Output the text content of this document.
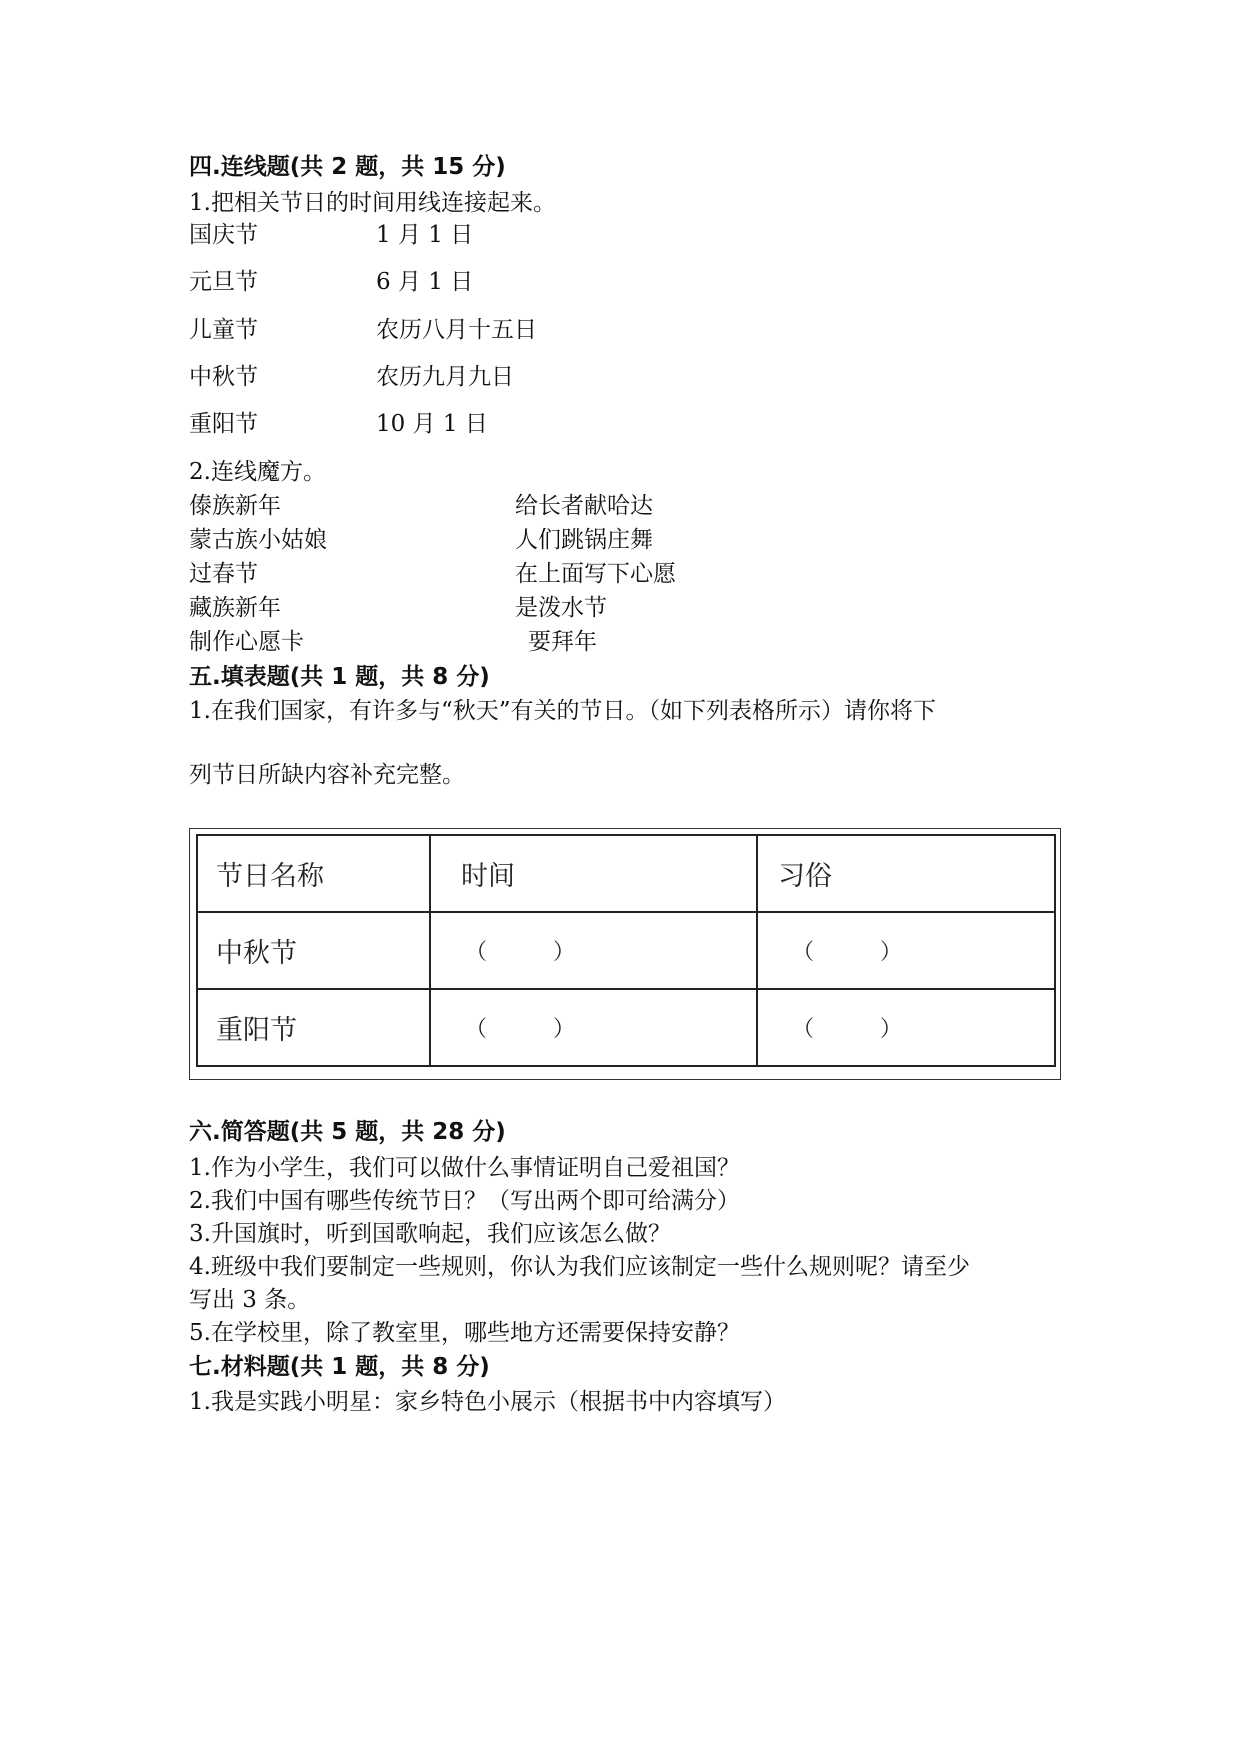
四.连线题(共 2 题，共 15 分)
1.把相关节日的时间用线连接起来。
国庆节	1 月 1 日
元旦节	6 月 1 日
儿童节	农历八月十五日
中秋节	农历九月九日
重阳节	10 月 1 日
2.连线魔方。
傣族新年	给长者献哈达
蒙古族小姑娘	人们跳锅庄舞
过春节	在上面写下心愿
藏族新年	是泼水节
制作心愿卡	要拜年
五.填表题(共 1 题，共 8 分)
1.在我们国家，有许多与“秋天”有关的节日。（如下列表格所示）请你将下
列节日所缺内容补充完整。
节日名称	时间	习俗
中秋节	（　　　）	（　　　）
重阳节	（　　　）	（　　　）
六.简答题(共 5 题，共 28 分)
1.作为小学生，我们可以做什么事情证明自己爱祖国？
2.我们中国有哪些传统节日？（写出两个即可给满分）
3.升国旗时，听到国歌响起，我们应该怎么做？
4.班级中我们要制定一些规则，你认为我们应该制定一些什么规则呢？请至少
写出 3 条。
5.在学校里，除了教室里，哪些地方还需要保持安静？
七.材料题(共 1 题，共 8 分)
1.我是实践小明星：家乡特色小展示（根据书中内容填写）
